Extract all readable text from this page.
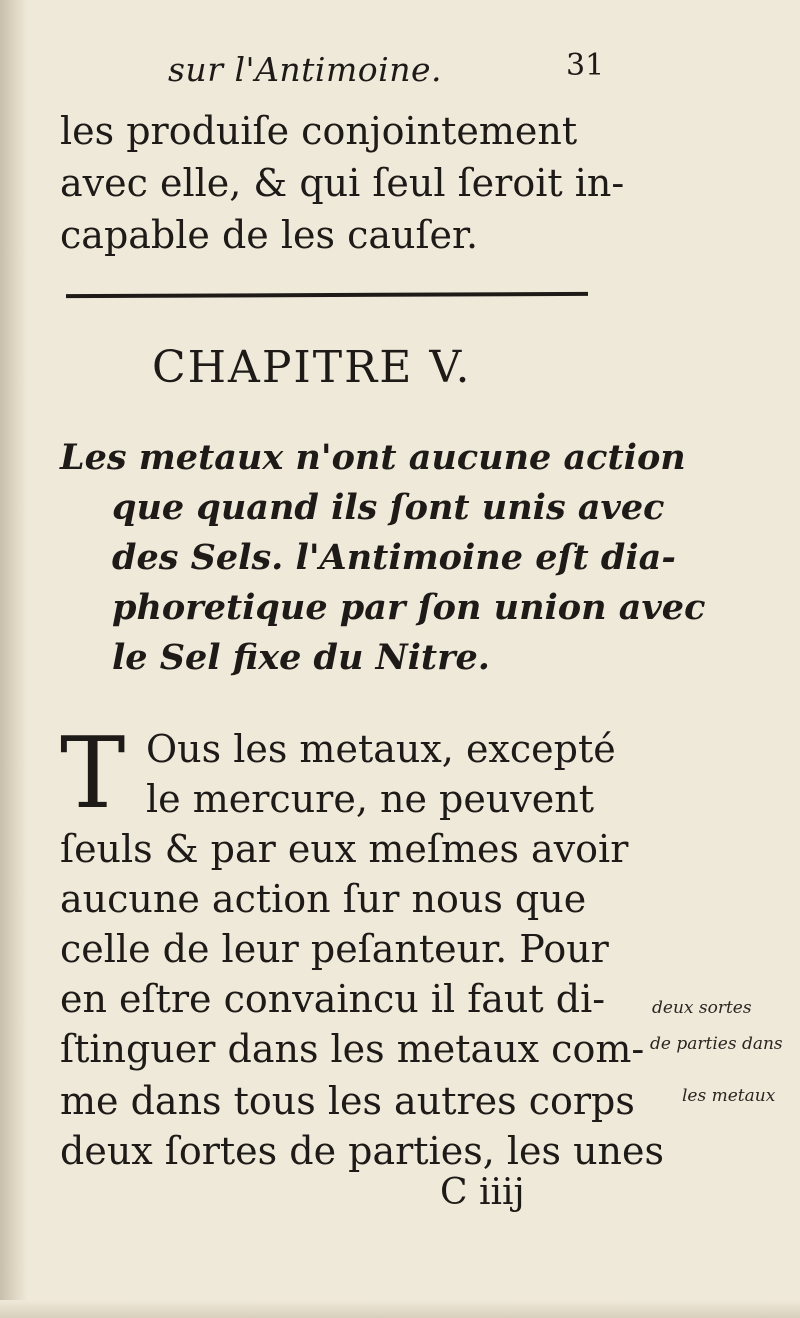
sur l'Antimoine.	31
les produiſe conjointement
avec elle, & qui ſeul ſeroit in-
capable de les cauſer.
CHAPITRE V.
Les metaux n'ont aucune action
que quand ils ſont unis avec
des Sels. l'Antimoine eſt dia-
phoretique par ſon union avec
le Sel fixe du Nitre.
T Ous les metaux, excepté
le mercure, ne peuvent
ſeuls & par eux meſmes avoir
aucune action ſur nous que
celle de leur peſanteur. Pour
en eſtre convaincu il faut di-
ſtinguer dans les metaux com-
me dans tous les autres corps
deux ſortes de parties, les unes
deux sortes
de parties dans
les metaux
C iiij
